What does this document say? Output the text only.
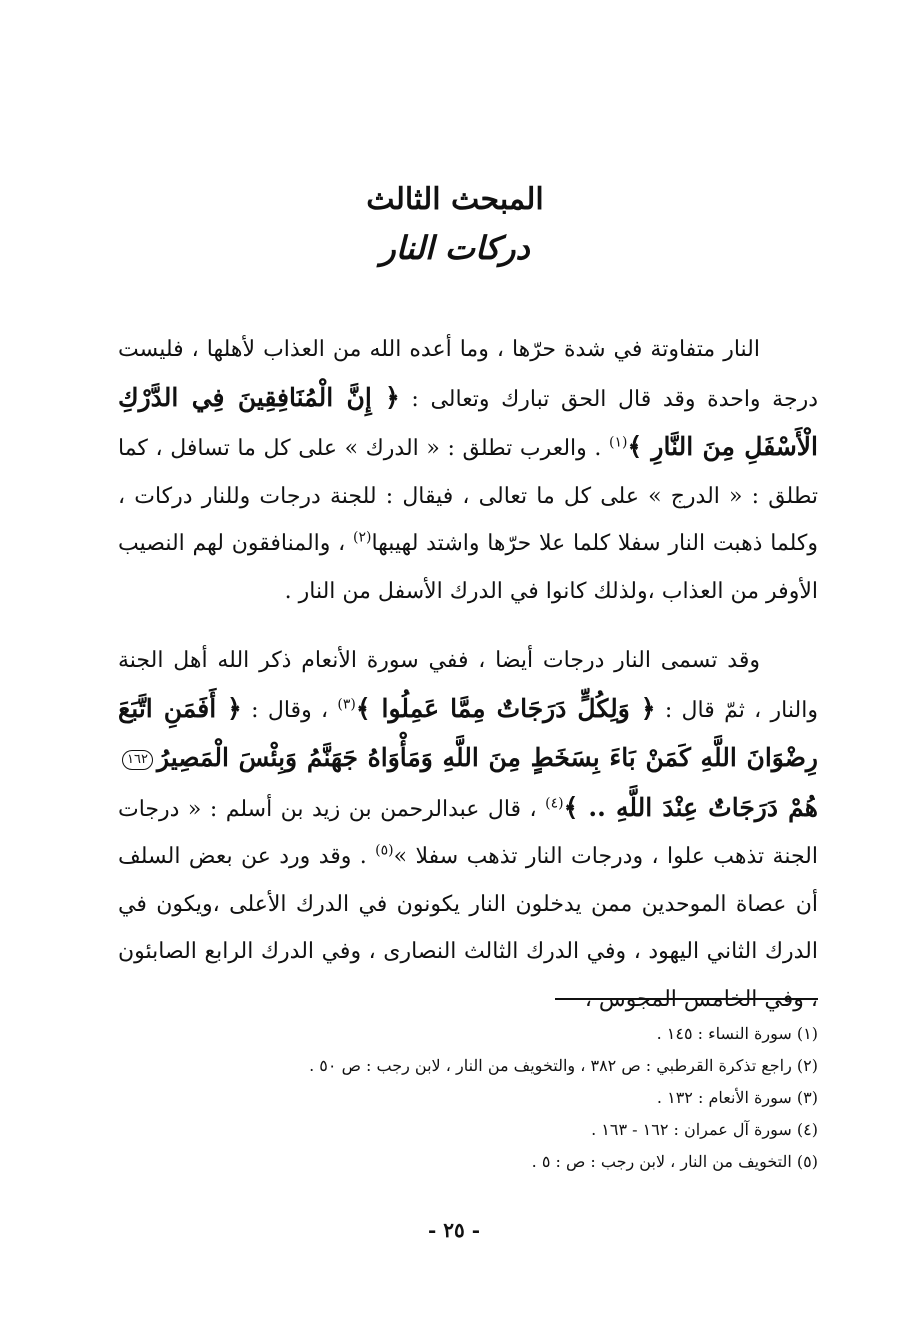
المبحث الثالث
دركات النار

النار متفاوتة في شدة حرّها ، وما أعده الله من العذاب لأهلها ، فليست درجة واحدة وقد قال الحق تبارك وتعالى : ﴿ إِنَّ الْمُنَافِقِينَ فِي الدَّرْكِ الْأَسْفَلِ مِنَ النَّارِ ﴾$^{(١)}$ . والعرب تطلق : « الدرك » على كل ما تسافل ، كما تطلق : « الدرج » على كل ما تعالى ، فيقال : للجنة درجات وللنار دركات ، وكلما ذهبت النار سفلا كلما علا حرّها واشتد لهيبها$^{(٢)}$ ، والمنافقون لهم النصيب الأوفر من العذاب ،ولذلك كانوا في الدرك الأسفل من النار .

وقد تسمى النار درجات أيضا ، ففي سورة الأنعام ذكر الله أهل الجنة والنار ، ثمّ قال : ﴿ وَلِكُلٍّ دَرَجَاتٌ مِمَّا عَمِلُوا ﴾$^{(٣)}$ ، وقال : ﴿ أَفَمَنِ اتَّبَعَ رِضْوَانَ اللَّهِ كَمَنْ بَاءَ بِسَخَطٍ مِنَ اللَّهِ وَمَأْوَاهُ جَهَنَّمُ وَبِئْسَ الْمَصِيرُ١٦٢هُمْ دَرَجَاتٌ عِنْدَ اللَّهِ .. ﴾$^{(٤)}$ ، قال عبدالرحمن بن زيد بن أسلم : « درجات الجنة تذهب علوا ، ودرجات النار تذهب سفلا »$^{(٥)}$ . وقد ورد عن بعض السلف أن عصاة الموحدين ممن يدخلون النار يكونون في الدرك الأعلى ،ويكون في الدرك الثاني اليهود ، وفي الدرك الثالث النصارى ، وفي الدرك الرابع الصابئون ، وفي الخامس المجوس ،

(١) سورة النساء : ١٤٥ .
(٢) راجع تذكرة القرطبي : ص ٣٨٢ ، والتخويف من النار ، لابن رجب : ص ٥٠ .
(٣) سورة الأنعام : ١٣٢ .
(٤) سورة آل عمران : ١٦٢ - ١٦٣ .
(٥) التخويف من النار ، لابن رجب : ص : ٥ .
- ٢٥ -
